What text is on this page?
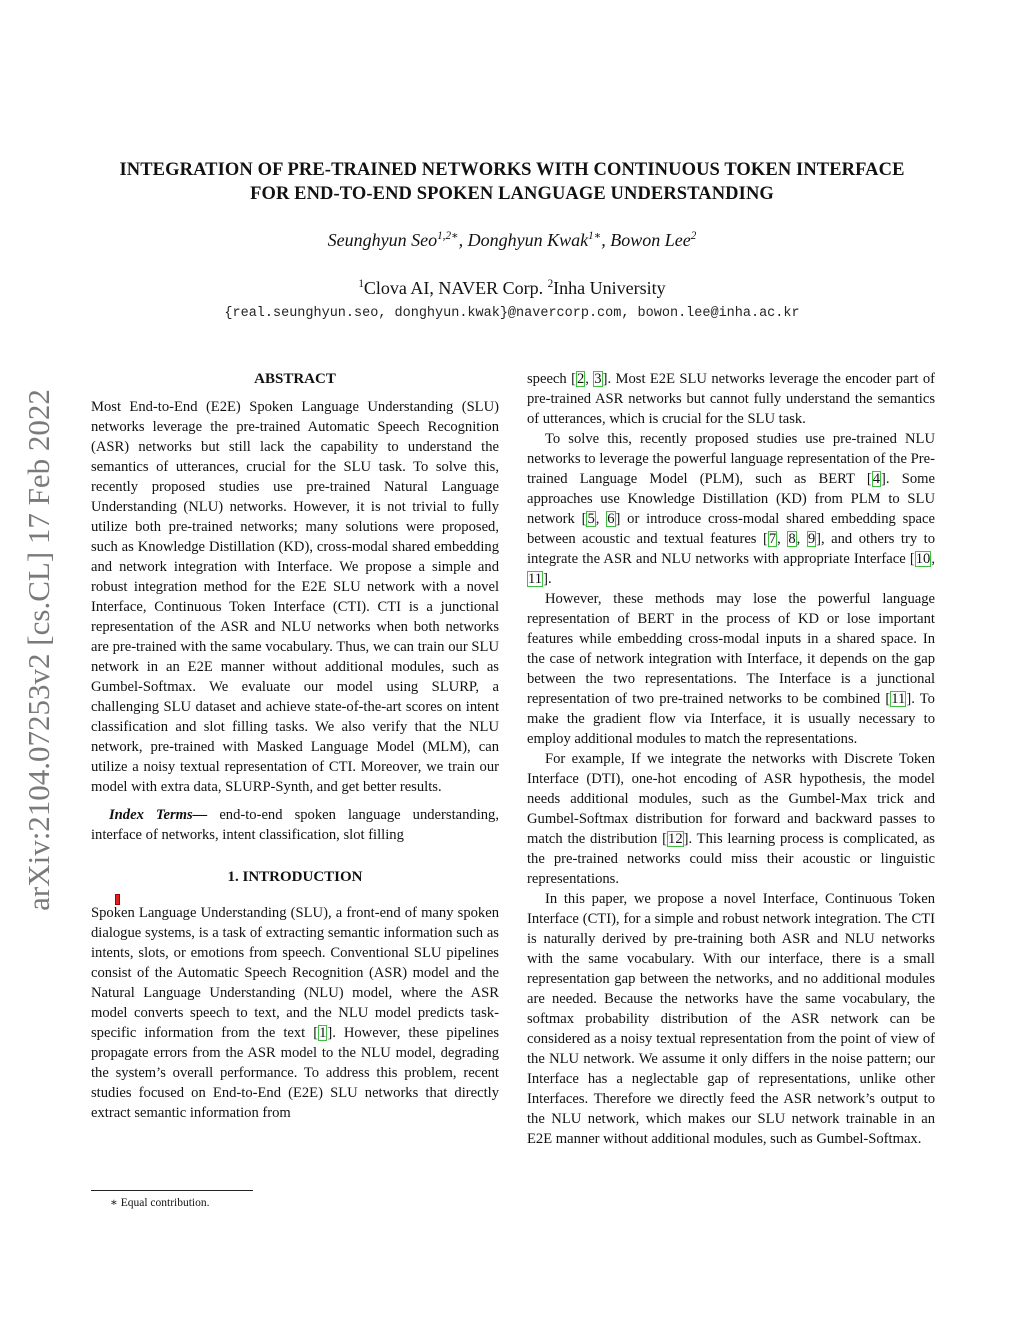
arXiv:2104.07253v2 [cs.CL] 17 Feb 2022
INTEGRATION OF PRE-TRAINED NETWORKS WITH CONTINUOUS TOKEN INTERFACE
FOR END-TO-END SPOKEN LANGUAGE UNDERSTANDING
Seunghyun Seo$^{1,2∗}$, Donghyun Kwak$^{1∗}$, Bowon Lee$^2$
$^1$Clova AI, NAVER Corp. $^2$Inha University
{real.seunghyun.seo, donghyun.kwak}@navercorp.com, bowon.lee@inha.ac.kr
ABSTRACT

Most End-to-End (E2E) Spoken Language Understanding (SLU) networks leverage the pre-trained Automatic Speech Recognition (ASR) networks but still lack the capability to understand the semantics of utterances, crucial for the SLU task. To solve this, recently proposed studies use pre-trained Natural Language Understanding (NLU) networks. However, it is not trivial to fully utilize both pre-trained networks; many solutions were proposed, such as Knowledge Distillation (KD), cross-modal shared embedding and network integration with Interface. We propose a simple and robust integration method for the E2E SLU network with a novel Interface, Continuous Token Interface (CTI). CTI is a junctional representation of the ASR and NLU networks when both networks are pre-trained with the same vocabulary. Thus, we can train our SLU network in an E2E manner without additional modules, such as Gumbel-Softmax. We evaluate our model using SLURP, a challenging SLU dataset and achieve state-of-the-art scores on intent classification and slot filling tasks. We also verify that the NLU network, pre-trained with Masked Language Model (MLM), can utilize a noisy textual representation of CTI. Moreover, we train our model with extra data, SLURP-Synth, and get better results.

Index Terms— end-to-end spoken language understanding, interface of networks, intent classification, slot filling

1. INTRODUCTION

Spoken Language Understanding (SLU), a front-end of many spoken dialogue systems, is a task of extracting semantic information such as intents, slots, or emotions from speech. Conventional SLU pipelines consist of the Automatic Speech Recognition (ASR) model and the Natural Language Understanding (NLU) model, where the ASR model converts speech to text, and the NLU model predicts task-specific information from the text [1]. However, these pipelines propagate errors from the ASR model to the NLU model, degrading the system’s overall performance. To address this problem, recent studies focused on End-to-End (E2E) SLU networks that directly extract semantic information from

∗ Equal contribution.

speech [2, 3]. Most E2E SLU networks leverage the encoder part of pre-trained ASR networks but cannot fully understand the semantics of utterances, which is crucial for the SLU task.

To solve this, recently proposed studies use pre-trained NLU networks to leverage the powerful language representation of the Pre-trained Language Model (PLM), such as BERT [4]. Some approaches use Knowledge Distillation (KD) from PLM to SLU network [5, 6] or introduce cross-modal shared embedding space between acoustic and textual features [7, 8, 9], and others try to integrate the ASR and NLU networks with appropriate Interface [10, 11].

However, these methods may lose the powerful language representation of BERT in the process of KD or lose important features while embedding cross-modal inputs in a shared space. In the case of network integration with Interface, it depends on the gap between the two representations. The Interface is a junctional representation of two pre-trained networks to be combined [11]. To make the gradient flow via Interface, it is usually necessary to employ additional modules to match the representations.

For example, If we integrate the networks with Discrete Token Interface (DTI), one-hot encoding of ASR hypothesis, the model needs additional modules, such as the Gumbel-Max trick and Gumbel-Softmax distribution for forward and backward passes to match the distribution [12]. This learning process is complicated, as the pre-trained networks could miss their acoustic or linguistic representations.

In this paper, we propose a novel Interface, Continuous Token Interface (CTI), for a simple and robust network integration. The CTI is naturally derived by pre-training both ASR and NLU networks with the same vocabulary. With our interface, there is a small representation gap between the networks, and no additional modules are needed. Because the networks have the same vocabulary, the softmax probability distribution of the ASR network can be considered as a noisy textual representation from the point of view of the NLU network. We assume it only differs in the noise pattern; our Interface has a neglectable gap of representations, unlike other Interfaces. Therefore we directly feed the ASR network’s output to the NLU network, which makes our SLU network trainable in an E2E manner without additional modules, such as Gumbel-Softmax.
